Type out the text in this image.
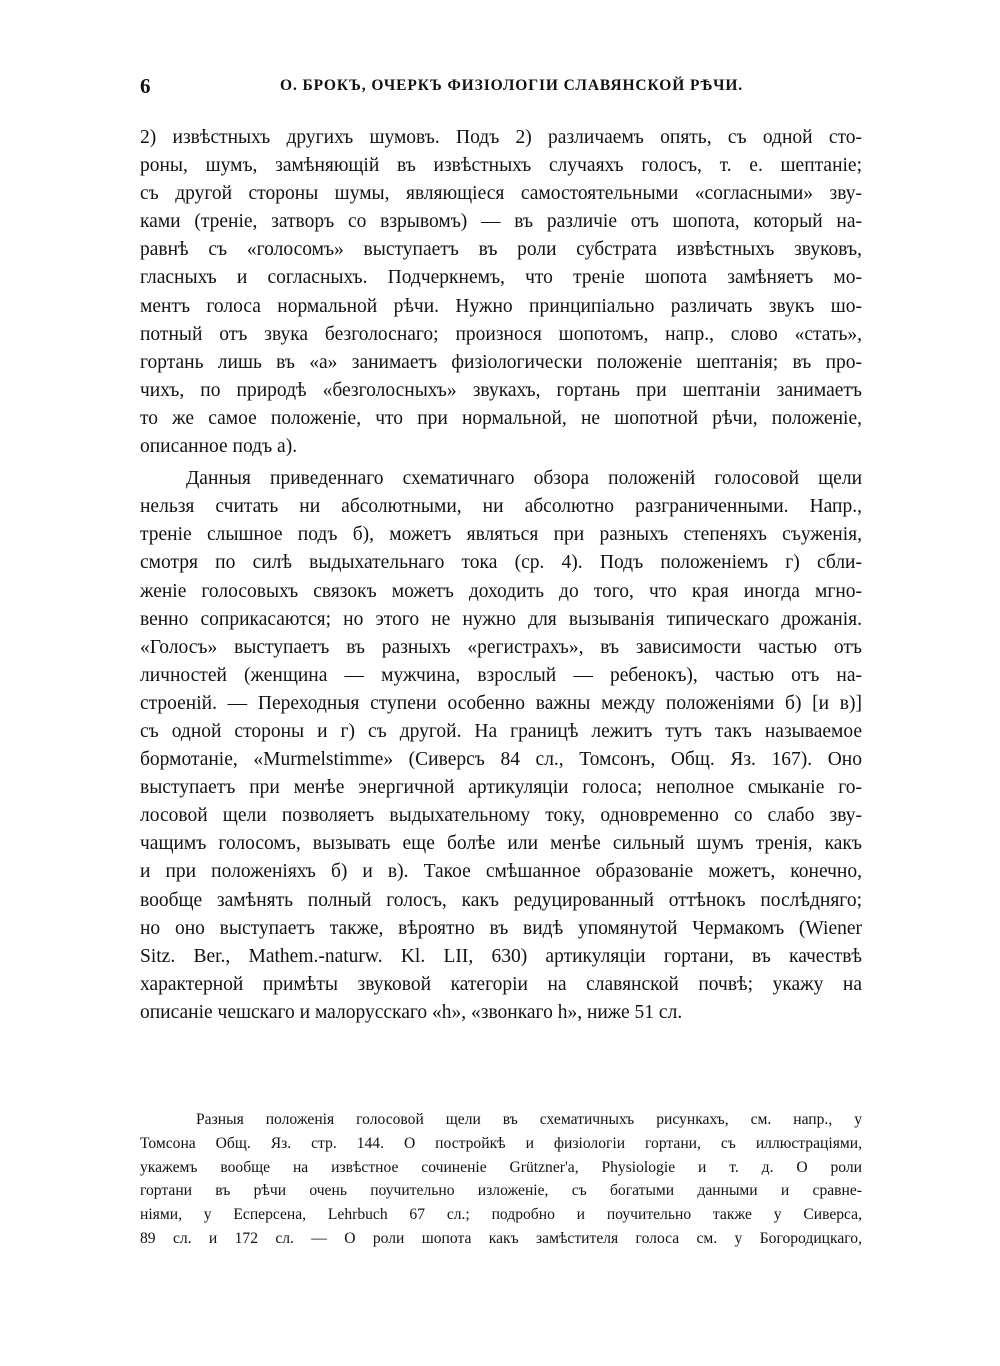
6	О. БРОКЪ, ОЧЕРКЪ ФИЗІОЛОГІИ СЛАВЯНСКОЙ РѢЧИ.
2) извѣстныхъ другихъ шумовъ. Подъ 2) различаемъ опять, съ одной сто-
роны, шумъ, замѣняющій въ извѣстныхъ случаяхъ голосъ, т. е. шептаніе;
съ другой стороны шумы, являющіеся самостоятельными «согласными» зву-
ками (треніе, затворъ со взрывомъ) — въ различіе отъ шопота, который на-
равнѣ съ «голосомъ» выступаетъ въ роли субстрата извѣстныхъ звуковъ,
гласныхъ и согласныхъ. Подчеркнемъ, что треніе шопота замѣняетъ мо-
ментъ голоса нормальной рѣчи. Нужно принципіально различать звукъ шо-
потный отъ звука безголоснаго; произнося шопотомъ, напр., слово «стать»,
гортань лишь въ «а» занимаетъ физіологически положеніе шептанія; въ про-
чихъ, по природѣ «безголосныхъ» звукахъ, гортань при шептаніи занимаетъ
то же самое положеніе, что при нормальной, не шопотной рѣчи, положеніе,
описанное подъ а).
Данныя приведеннаго схематичнаго обзора положеній голосовой щели
нельзя считать ни абсолютными, ни абсолютно разграниченными. Напр.,
треніе слышное подъ б), можетъ являться при разныхъ степеняхъ съуженія,
смотря по силѣ выдыхательнаго тока (ср. 4). Подъ положеніемъ г) сбли-
женіе голосовыхъ связокъ можетъ доходить до того, что края иногда мгно-
венно соприкасаются; но этого не нужно для вызыванія типическаго дрожанія.
«Голосъ» выступаетъ въ разныхъ «регистрахъ», въ зависимости частью отъ
личностей (женщина — мужчина, взрослый — ребенокъ), частью отъ на-
строеній. — Переходныя ступени особенно важны между положеніями б) [и в)]
съ одной стороны и г) съ другой. На границѣ лежитъ тутъ такъ называемое
бормотаніе, «Murmelstimme» (Сиверсъ 84 сл., Томсонъ, Общ. Яз. 167). Оно
выступаетъ при менѣе энергичной артикуляціи голоса; неполное смыканіе го-
лосовой щели позволяетъ выдыхательному току, одновременно со слабо зву-
чащимъ голосомъ, вызывать еще болѣе или менѣе сильный шумъ тренія, какъ
и при положеніяхъ б) и в). Такое смѣшанное образованіе можетъ, конечно,
вообще замѣнять полный голосъ, какъ редуцированный оттѣнокъ послѣдняго;
но оно выступаетъ также, вѣроятно въ видѣ упомянутой Чермакомъ (Wiener
Sitz. Ber., Mathem.-naturw. Kl. LII, 630) артикуляціи гортани, въ качествѣ
характерной примѣты звуковой категоріи на славянской почвѣ; укажу на
описаніе чешскаго и малорусскаго «h», «звонкаго h», ниже 51 сл.
Разныя положенія голосовой щели въ схематичныхъ рисункахъ, см. напр., у
Томсона Общ. Яз. стр. 144. О постройкѣ и физіологіи гортани, съ иллюстраціями,
укажемъ вообще на извѣстное сочиненіе Grützner'а, Physiologie и т. д. О роли
гортани въ рѣчи очень поучительно изложеніе, съ богатыми данными и сравне-
ніями, у Есперсена, Lehrbuch 67 сл.; подробно и поучительно также у Сиверса,
89 сл. и 172 сл. — О роли шопота какъ замѣстителя голоса см. у Богородицкаго,
